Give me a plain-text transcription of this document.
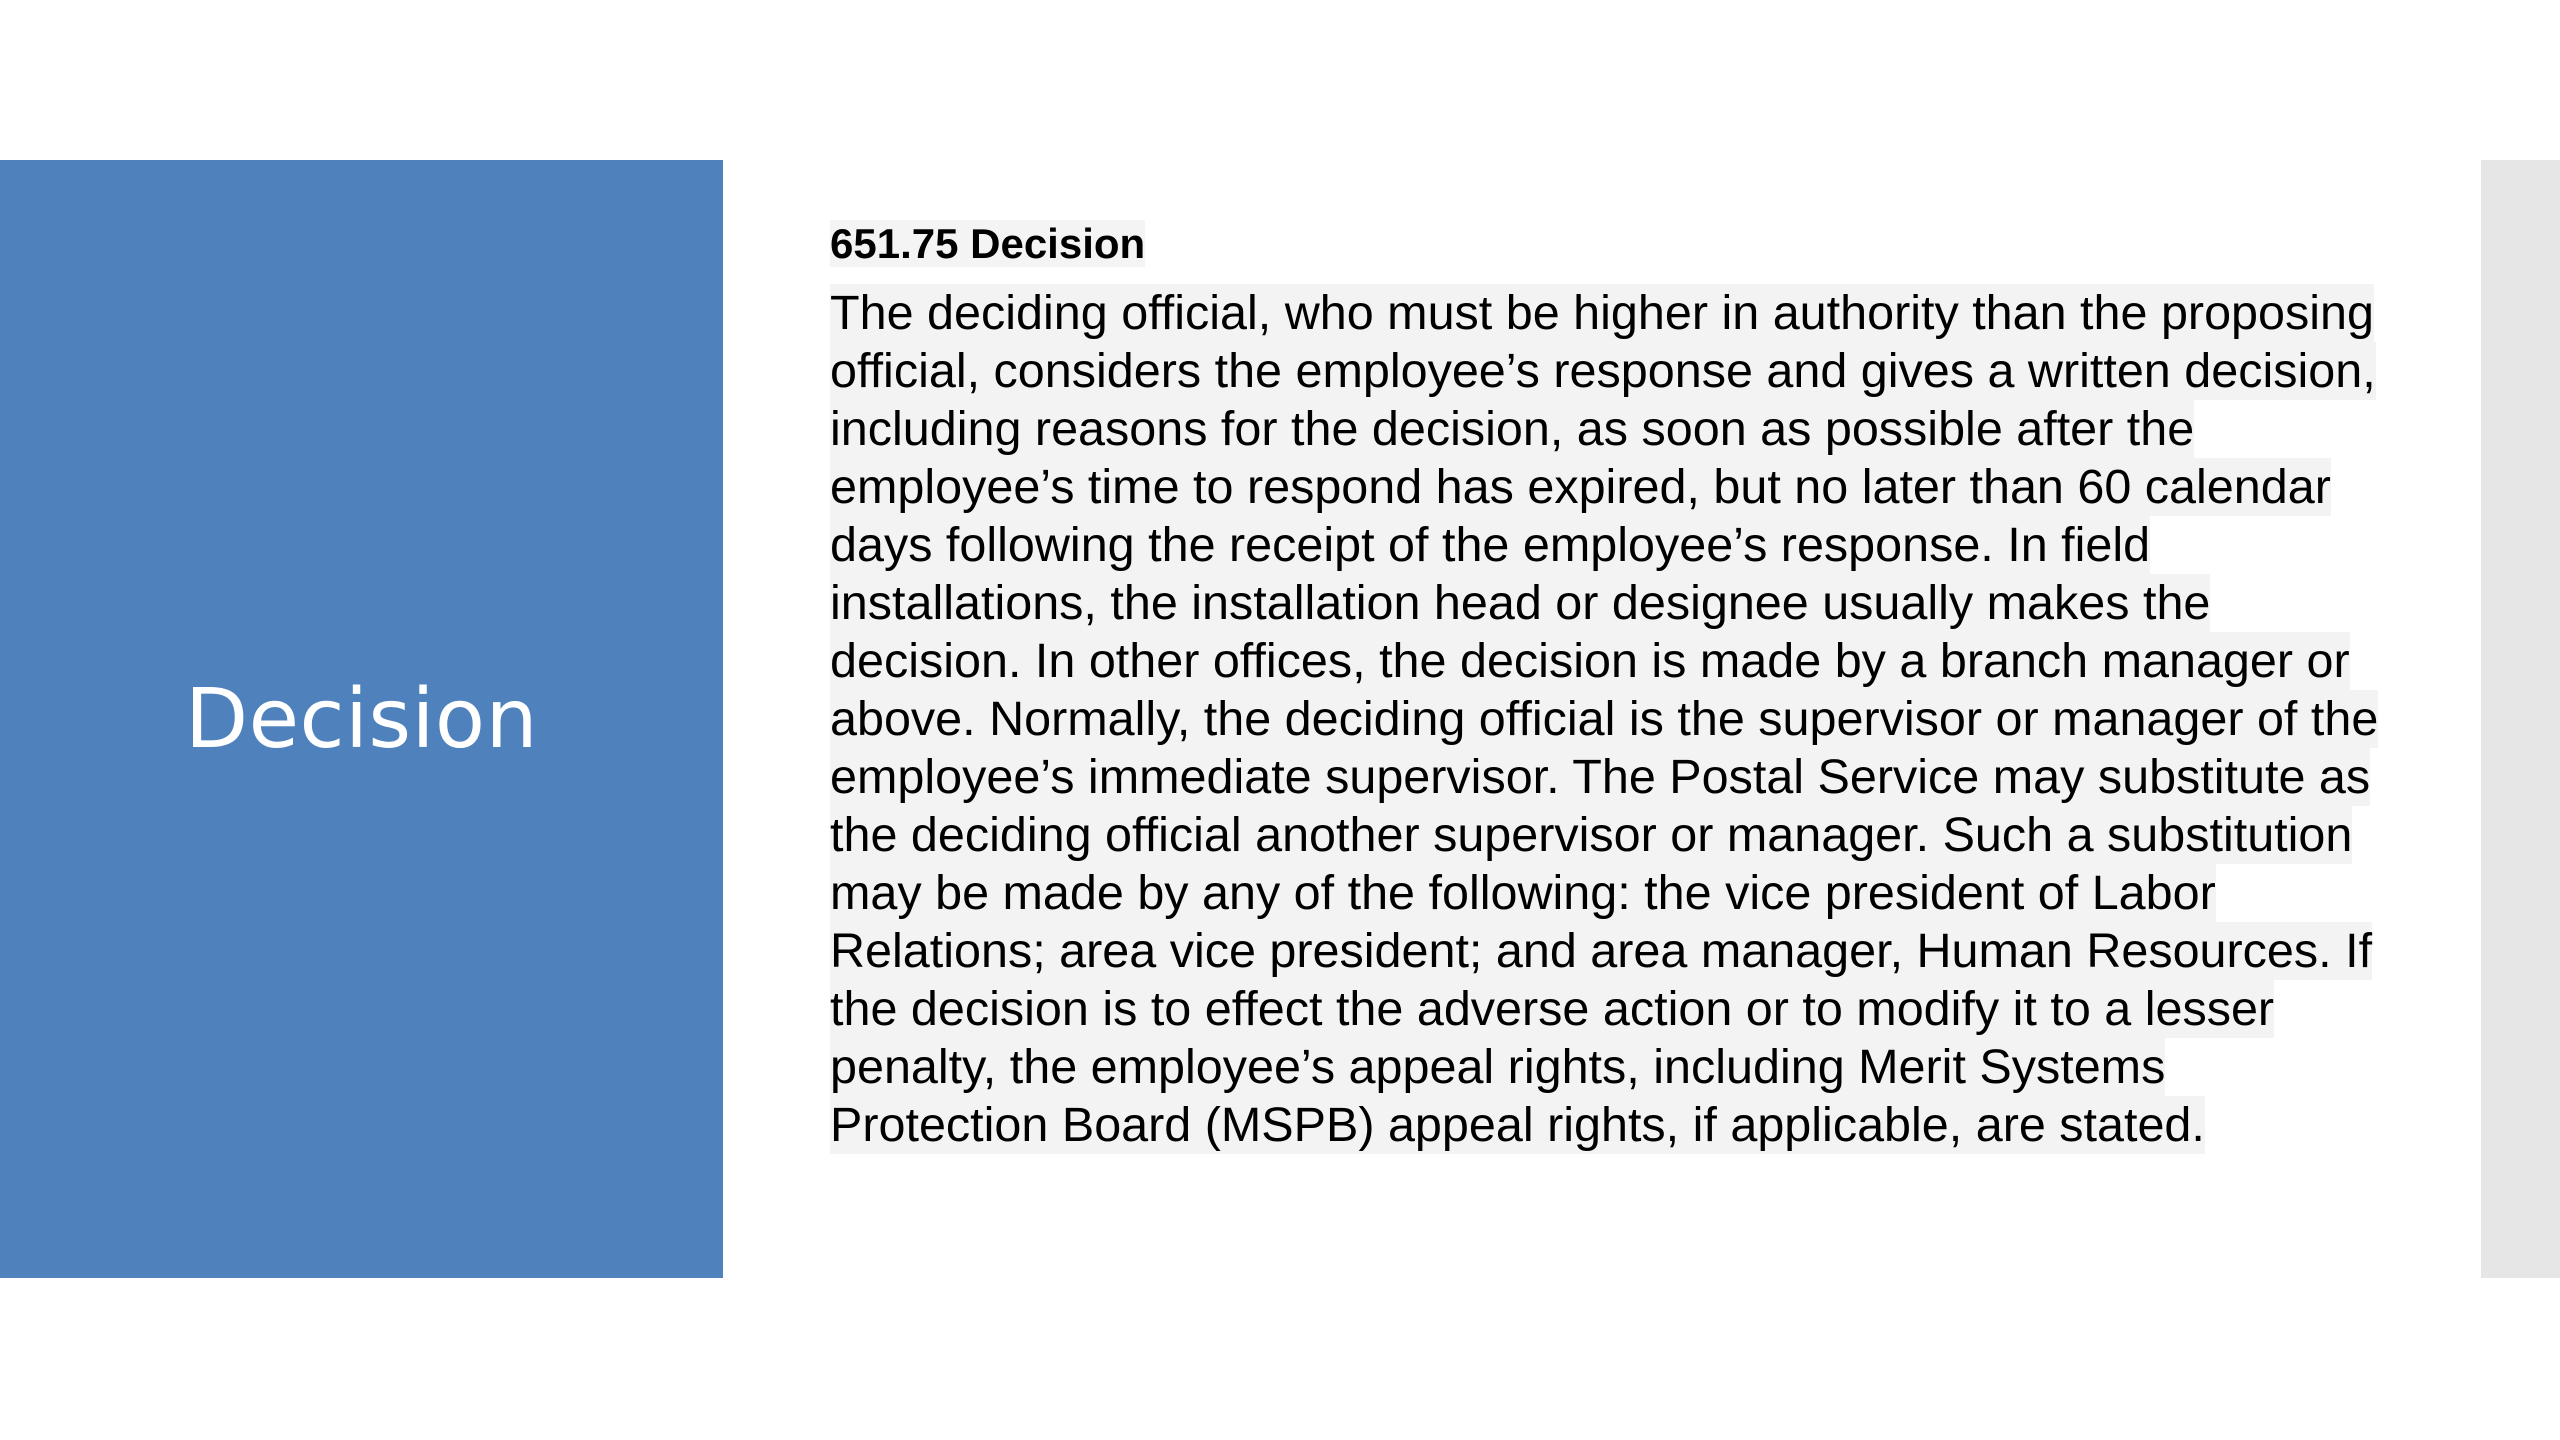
Decision
651.75 Decision
The deciding official, who must be higher in authority than the proposing
official, considers the employee’s response and gives a written decision,
including reasons for the decision, as soon as possible after the
employee’s time to respond has expired, but no later than 60 calendar
days following the receipt of the employee’s response. In field
installations, the installation head or designee usually makes the
decision. In other offices, the decision is made by a branch manager or
above. Normally, the deciding official is the supervisor or manager of the
employee’s immediate supervisor. The Postal Service may substitute as
the deciding official another supervisor or manager. Such a substitution
may be made by any of the following: the vice president of Labor
Relations; area vice president; and area manager, Human Resources. If
the decision is to effect the adverse action or to modify it to a lesser
penalty, the employee’s appeal rights, including Merit Systems
Protection Board (MSPB) appeal rights, if applicable, are stated.
